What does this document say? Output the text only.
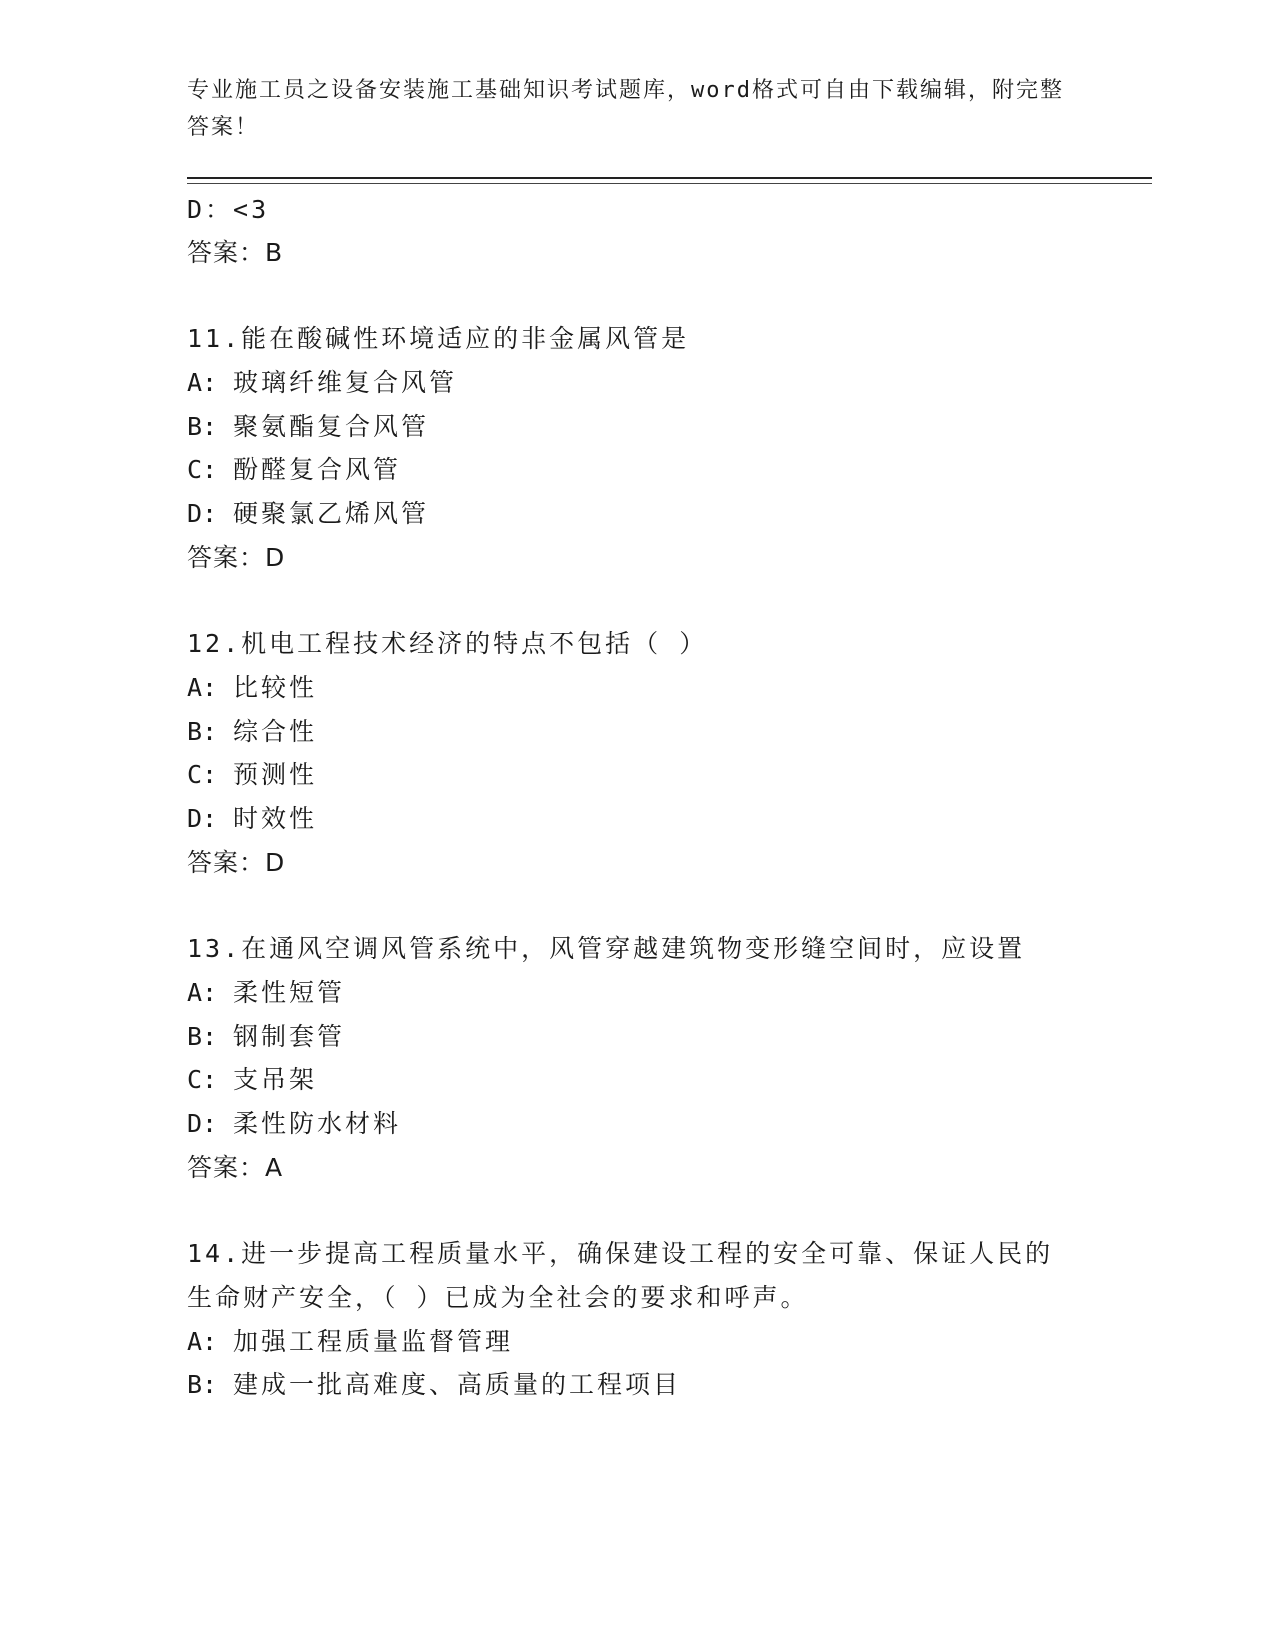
专业施工员之设备安装施工基础知识考试题库，word格式可自由下载编辑，附完整答案！
D：<3
答案：B
11.能在酸碱性环境适应的非金属风管是
A: 玻璃纤维复合风管
B: 聚氨酯复合风管
C: 酚醛复合风管
D: 硬聚氯乙烯风管
答案：D
12.机电工程技术经济的特点不包括（ ）
A: 比较性
B: 综合性
C: 预测性
D: 时效性
答案：D
13.在通风空调风管系统中，风管穿越建筑物变形缝空间时，应设置
A: 柔性短管
B: 钢制套管
C: 支吊架
D: 柔性防水材料
答案：A
14.进一步提高工程质量水平，确保建设工程的安全可靠、保证人民的
生命财产安全，（ ）已成为全社会的要求和呼声。
A: 加强工程质量监督管理
B: 建成一批高难度、高质量的工程项目
